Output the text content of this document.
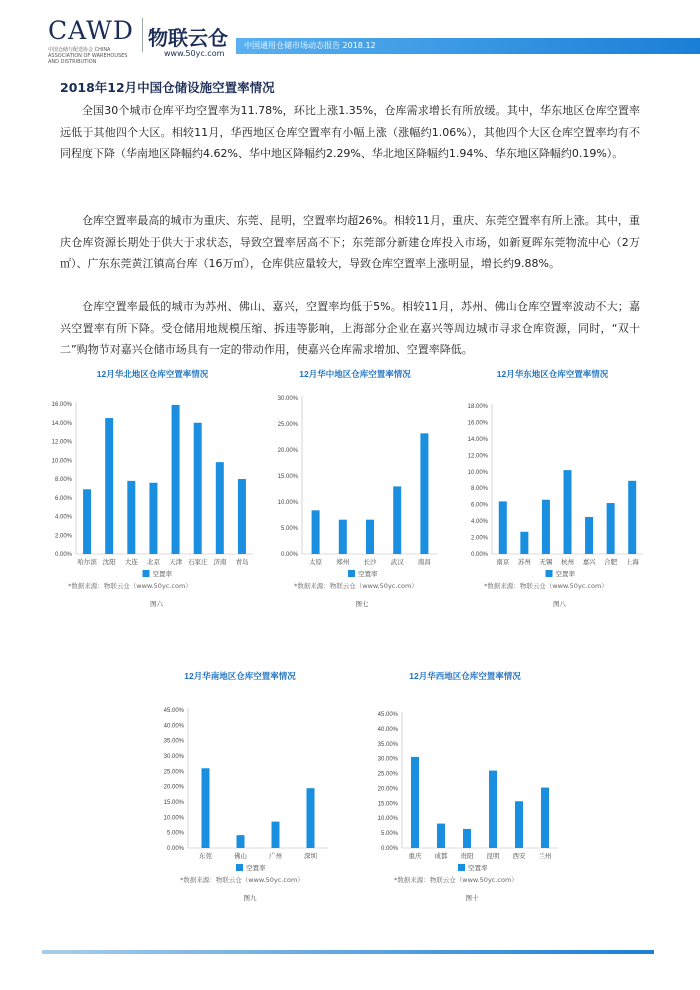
CAWD
中国仓储与配送协会 CHINA ASSOCIATION OF WAREHOUSES AND DISTRIBUTION
物联云仓
www.50yc.com
中国通用仓储市场动态报告 2018.12
2018年12月中国仓储设施空置率情况
全国30个城市仓库平均空置率为11.78%，环比上涨1.35%，仓库需求增长有所放缓。其中，华东地区仓库空置率远低于其他四个大区。相较11月，华西地区仓库空置率有小幅上涨（涨幅约1.06%），其他四个大区仓库空置率均有不同程度下降（华南地区降幅约4.62%、华中地区降幅约2.29%、华北地区降幅约1.94%、华东地区降幅约0.19%）。
仓库空置率最高的城市为重庆、东莞、昆明，空置率均超26%。相较11月，重庆、东莞空置率有所上涨。其中，重庆仓库资源长期处于供大于求状态，导致空置率居高不下；东莞部分新建仓库投入市场，如新夏晖东莞物流中心（2万㎡）、广东东莞黄江镇高台库（16万㎡），仓库供应量较大，导致仓库空置率上涨明显，增长约9.88%。
仓库空置率最低的城市为苏州、佛山、嘉兴，空置率均低于5%。相较11月，苏州、佛山仓库空置率波动不大；嘉兴空置率有所下降。受仓储用地规模压缩、拆违等影响，上海部分企业在嘉兴等周边城市寻求仓库资源，同时，“双十二”购物节对嘉兴仓储市场具有一定的带动作用，使嘉兴仓库需求增加、空置率降低。
12月华北地区仓库空置率情况
0.00%
2.00%
4.00%
6.00%
8.00%
10.00%
12.00%
14.00%
16.00%
哈尔滨 沈阳 大连 北京 天津 石家庄 济南 青岛
空置率
*数据来源：物联云仓（www.50yc.com）
图六
12月华中地区仓库空置率情况
0.00%
5.00%
10.00%
15.00%
20.00%
25.00%
30.00%
太原 郑州 长沙 武汉 南昌
空置率
*数据来源：物联云仓（www.50yc.com）
图七
12月华东地区仓库空置率情况
0.00%
2.00%
4.00%
6.00%
8.00%
10.00%
12.00%
14.00%
16.00%
18.00%
南京 苏州 无锡 杭州 嘉兴 合肥 上海
空置率
*数据来源：物联云仓（www.50yc.com）
图八
12月华南地区仓库空置率情况
0.00%
5.00%
10.00%
15.00%
20.00%
25.00%
30.00%
35.00%
40.00%
45.00%
东莞	佛山	广州	深圳
空置率
*数据来源：物联云仓（www.50yc.com）
图九
12月华西地区仓库空置率情况
0.00%
5.00%
10.00%
15.00%
20.00%
25.00%
30.00%
35.00%
40.00%
45.00%
重庆 成都 贵阳 昆明 西安 兰州
空置率
*数据来源：物联云仓（www.50yc.com）
图十
